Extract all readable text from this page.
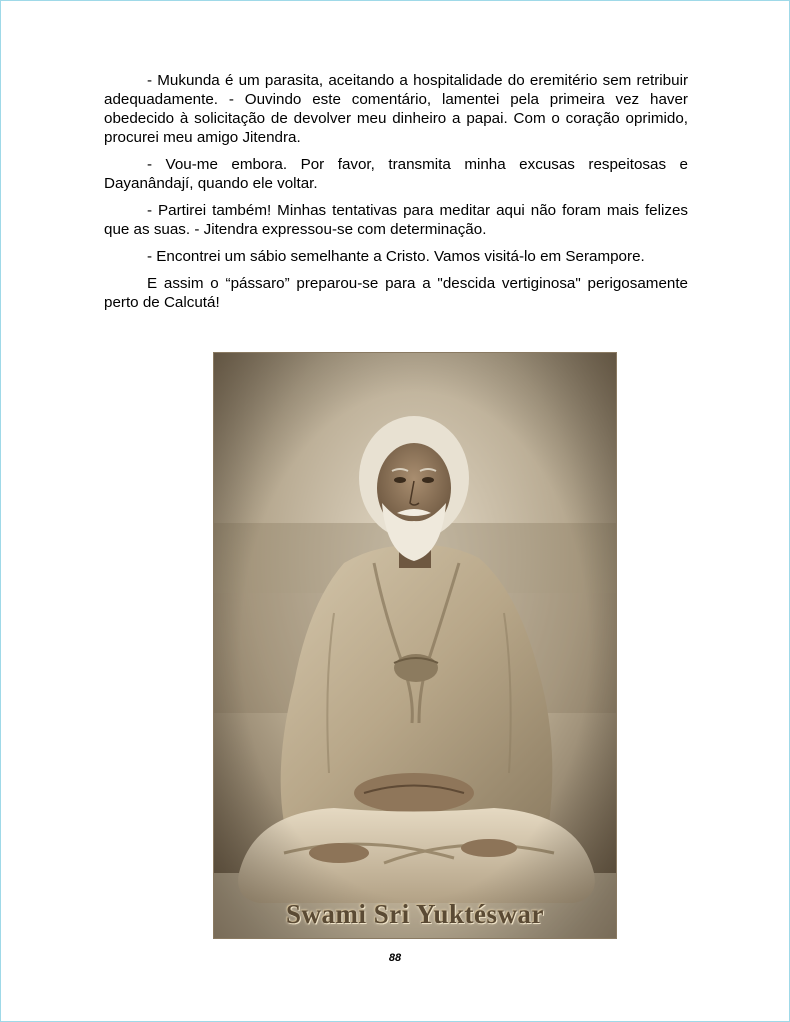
- Mukunda é um parasita, aceitando a hospitalidade do eremitério sem retribuir adequadamente. - Ouvindo este comentário, lamentei pela primeira vez haver obedecido à solicitação de devolver meu dinheiro a papai. Com o coração oprimido, procurei meu amigo Jitendra.

- Vou-me embora. Por favor, transmita minha excusas respeitosas e Dayanândají, quando ele voltar.

- Partirei também! Minhas tentativas para meditar aqui não foram mais felizes que as suas. - Jitendra expressou-se com determinação.

- Encontrei um sábio semelhante a Cristo. Vamos visitá-lo em Serampore.

E assim o “pássaro” preparou-se para a "descida vertiginosa" perigosamente perto de Calcutá!

Swami Sri Yuktéswar
88
